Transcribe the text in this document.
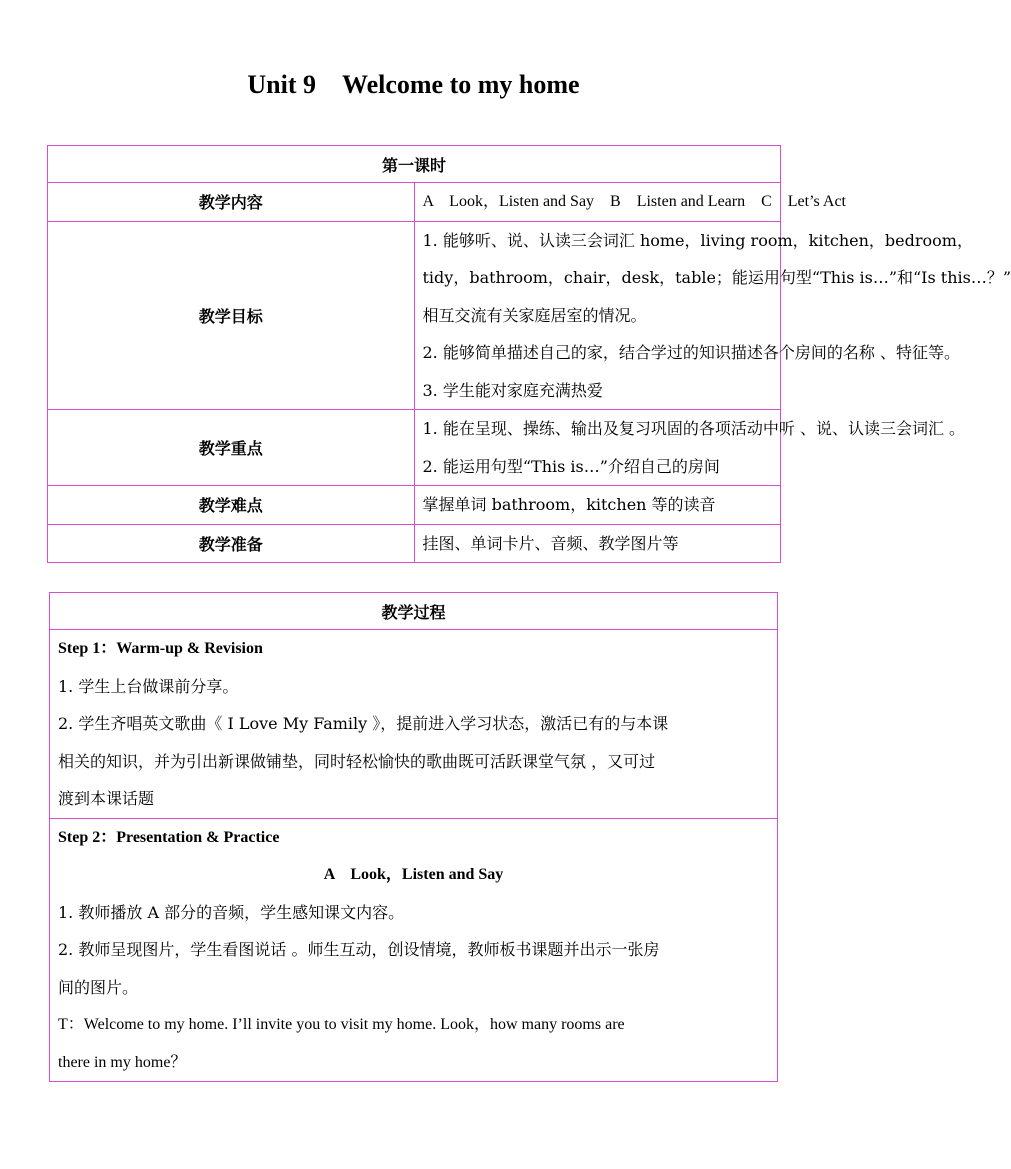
Unit 9　Welcome to my home
第一课时	
教学内容	A　Look，Listen and Say　B　Listen and Learn　C　Let’s Act

教学目标	1. 能够听、说、认读三会词汇 home，living room，kitchen，bedroom，
tidy，bathroom，chair，desk，table；能运用句型“This is…”和“Is this…？”
相互交流有关家庭居室的情况。
2. 能够简单描述自己的家，结合学过的知识描述各个房间的名称 、特征等。
3. 学生能对家庭充满热爱

教学重点	1. 能在呈现、操练、输出及复习巩固的各项活动中听 、说、认读三会词汇 。
2. 能运用句型“This is…”介绍自己的房间

教学难点	掌握单词 bathroom，kitchen 等的读音

教学准备	挂图、单词卡片、音频、教学图片等
教学过程

Step 1：Warm-up & Revision
1. 学生上台做课前分享。
2. 学生齐唱英文歌曲《 I Love My Family 》，提前进入学习状态，激活已有的与本课
相关的知识，并为引出新课做铺垫，同时轻松愉快的歌曲既可活跃课堂气氛 ，又可过
渡到本课话题

Step 2：Presentation & Practice
A　Look，Listen and Say
1. 教师播放 A 部分的音频，学生感知课文内容。
2. 教师呈现图片，学生看图说话 。师生互动，创设情境，教师板书课题并出示一张房
间的图片。
T：Welcome to my home. I’ll invite you to visit my home. Look，how many rooms are
there in my home？
